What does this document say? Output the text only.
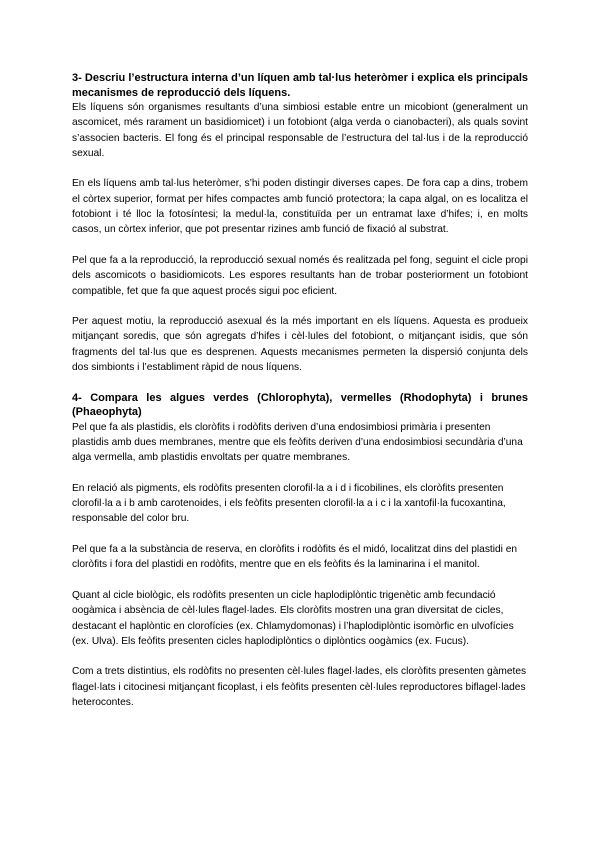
3- Descriu l’estructura interna d’un líquen amb tal·lus heteròmer i explica els principals mecanismes de reproducció dels líquens.

Els líquens són organismes resultants d’una simbiosi estable entre un micobiont (generalment un ascomicet, més rarament un basidiomicet) i un fotobiont (alga verda o cianobacteri), als quals sovint s’associen bacteris. El fong és el principal responsable de l’estructura del tal·lus i de la reproducció sexual.

En els líquens amb tal·lus heteròmer, s’hi poden distingir diverses capes. De fora cap a dins, trobem el còrtex superior, format per hifes compactes amb funció protectora; la capa algal, on es localitza el fotobiont i té lloc la fotosíntesi; la medul·la, constituïda per un entramat laxe d’hifes; i, en molts casos, un còrtex inferior, que pot presentar rizines amb funció de fixació al substrat.

Pel que fa a la reproducció, la reproducció sexual només és realitzada pel fong, seguint el cicle propi dels ascomicots o basidiomicots. Les espores resultants han de trobar posteriorment un fotobiont compatible, fet que fa que aquest procés sigui poc eficient.

Per aquest motiu, la reproducció asexual és la més important en els líquens. Aquesta es produeix mitjançant soredis, que són agregats d’hifes i cèl·lules del fotobiont, o mitjançant isidis, que són fragments del tal·lus que es desprenen. Aquests mecanismes permeten la dispersió conjunta dels dos simbionts i l’establiment ràpid de nous líquens.

4- Compara les algues verdes (Chlorophyta), vermelles (Rhodophyta) i brunes (Phaeophyta)

Pel que fa als plastidis, els cloròfits i rodòfits deriven d’una endosimbiosi primària i presenten plastidis amb dues membranes, mentre que els feòfits deriven d’una endosimbiosi secundària d’una alga vermella, amb plastidis envoltats per quatre membranes.

En relació als pigments, els rodòfits presenten clorofil·la a i d i ficobilines, els cloròfits presenten clorofil·la a i b amb carotenoides, i els feòfits presenten clorofil·la a i c i la xantofil·la fucoxantina, responsable del color bru.

Pel que fa a la substància de reserva, en cloròfits i rodòfits és el midó, localitzat dins del plastidi en cloròfits i fora del plastidi en rodòfits, mentre que en els feòfits és la laminarina i el manitol.

Quant al cicle biològic, els rodòfits presenten un cicle haplodiplòntic trigenètic amb fecundació oogàmica i absència de cèl·lules flagel·lades. Els cloròfits mostren una gran diversitat de cicles, destacant el haplòntic en clorofícies (ex. Chlamydomonas) i l’haplodiplòntic isomòrfic en ulvofícies (ex. Ulva). Els feòfits presenten cicles haplodiplòntics o diplòntics oogàmics (ex. Fucus).

Com a trets distintius, els rodòfits no presenten cèl·lules flagel·lades, els cloròfits presenten gàmetes flagel·lats i citocinesi mitjançant ficoplast, i els feòfits presenten cèl·lules reproductores biflagel·lades heterocontes.
